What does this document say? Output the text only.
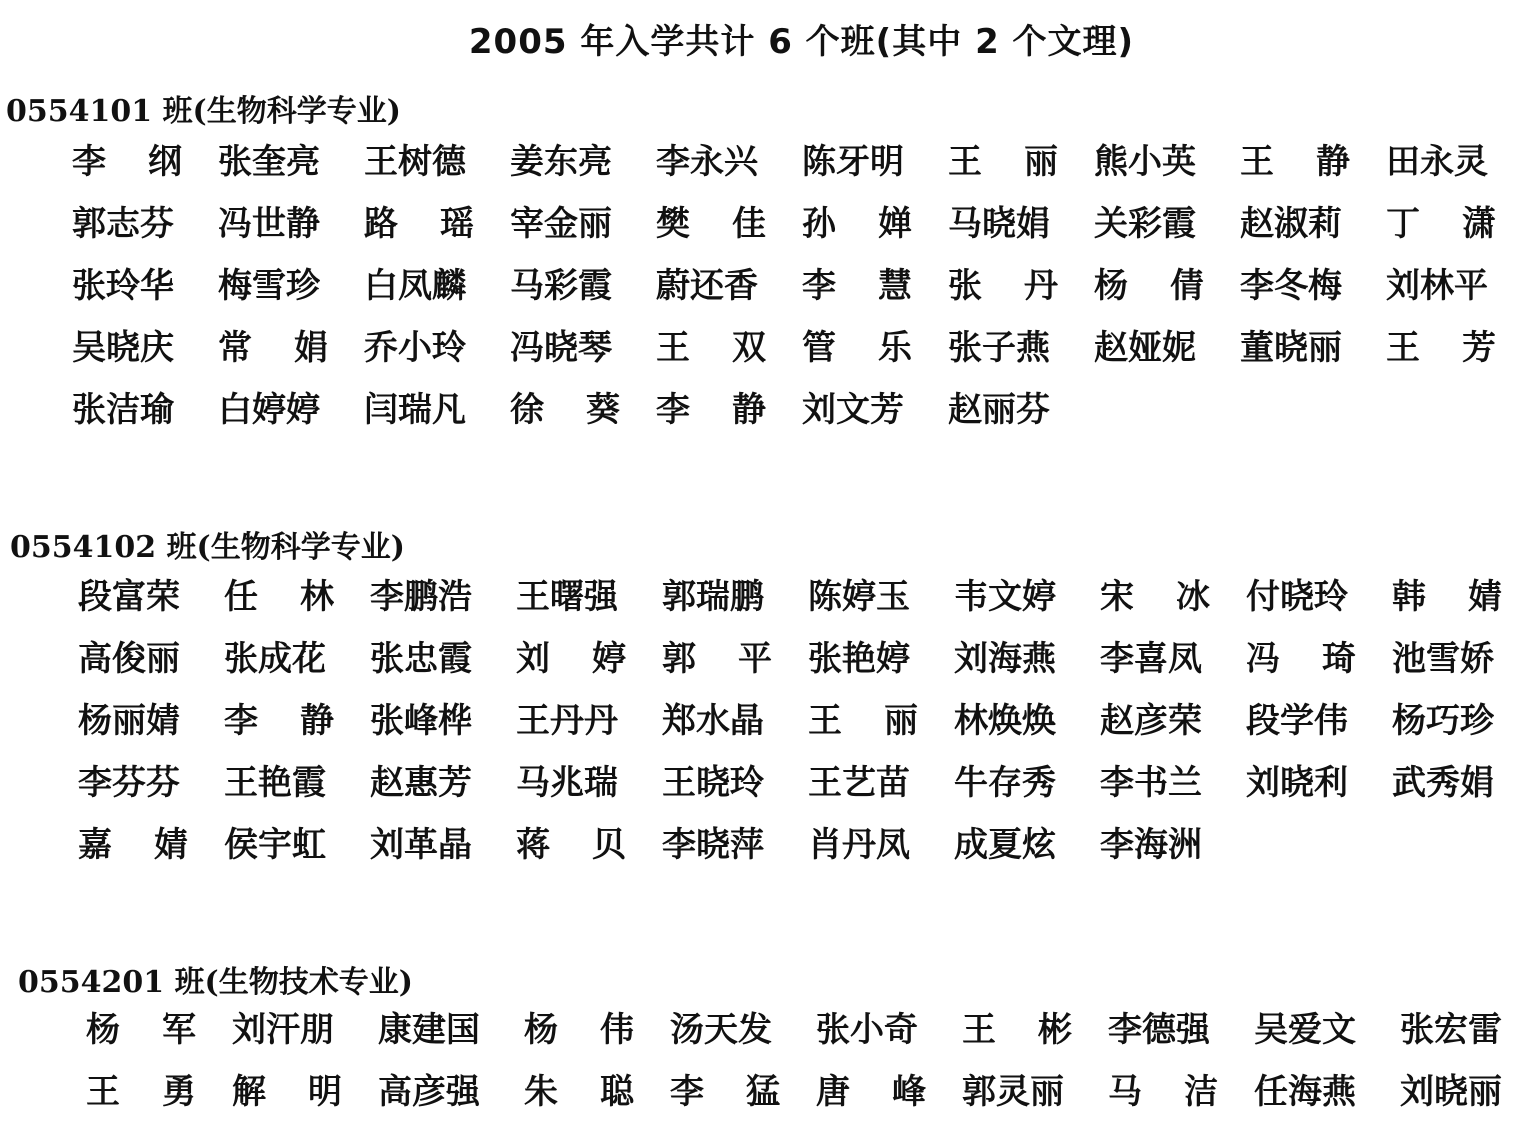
2005 年入学共计 6 个班(其中 2 个文理)
0554101 班(生物科学专业)
李 纲 张奎亮 王树德 姜东亮 李永兴 陈牙明 王 丽 熊小英 王 静 田永灵
郭志芬 冯世静 路 瑶 宰金丽 樊 佳 孙 婵 马晓娟 关彩霞 赵淑莉 丁 潇
张玲华 梅雪珍 白凤麟 马彩霞 蔚还香 李 慧 张 丹 杨 倩 李冬梅 刘林平
吴晓庆 常 娟 乔小玲 冯晓琴 王 双 管 乐 张子燕 赵娅妮 董晓丽 王 芳
张洁瑜 白婷婷 闫瑞凡 徐 葵 李 静 刘文芳 赵丽芬
0554102 班(生物科学专业)
段富荣 任 林 李鹏浩 王曙强 郭瑞鹏 陈婷玉 韦文婷 宋 冰 付晓玲 韩 婧
高俊丽 张成花 张忠霞 刘 婷 郭 平 张艳婷 刘海燕 李喜凤 冯 琦 池雪娇
杨丽婧 李 静 张峰桦 王丹丹 郑水晶 王 丽 林焕焕 赵彦荣 段学伟 杨巧珍
李芬芬 王艳霞 赵惠芳 马兆瑞 王晓玲 王艺苗 牛存秀 李书兰 刘晓利 武秀娟
嘉 婧 侯宇虹 刘革晶 蒋 贝 李晓萍 肖丹凤 成夏炫 李海洲
0554201 班(生物技术专业)
杨 军 刘汗朋 康建国 杨 伟 汤天发 张小奇 王 彬 李德强 吴爱文 张宏雷
王 勇 解 明 高彦强 朱 聪 李 猛 唐 峰 郭灵丽 马 洁 任海燕 刘晓丽
